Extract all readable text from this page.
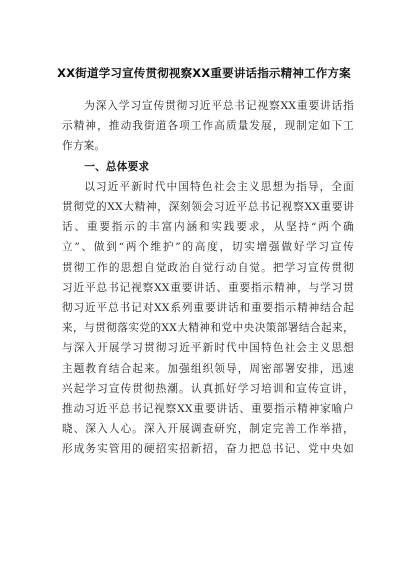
XX街道学习宣传贯彻视察XX重要讲话指示精神工作方案
为深入学习宣传贯彻习近平总书记视察XX重要讲话指
示精神，推动我街道各项工作高质量发展，现制定如下工
作方案。
一、总体要求
以习近平新时代中国特色社会主义思想为指导，全面
贯彻党的XX大精神，深刻领会习近平总书记视察XX重要讲
话、重要指示的丰富内涵和实践要求，从坚持“两个确
立”、做到“两个维护”的高度，切实增强做好学习宣传
贯彻工作的思想自觉政治自觉行动自觉。把学习宣传贯彻
习近平总书记视察XX重要讲话、重要指示精神，与学习贯
彻习近平总书记对XX系列重要讲话和重要指示精神结合起
来，与贯彻落实党的XX大精神和党中央决策部署结合起来，
与深入开展学习贯彻习近平新时代中国特色社会主义思想
主题教育结合起来。加强组织领导，周密部署安排，迅速
兴起学习宣传贯彻热潮。认真抓好学习培训和宣传宣讲，
推动习近平总书记视察XX重要讲话、重要指示精神家喻户
晓、深入人心。深入开展调查研究，制定完善工作举措，
形成务实管用的硬招实招新招，奋力把总书记、党中央如
